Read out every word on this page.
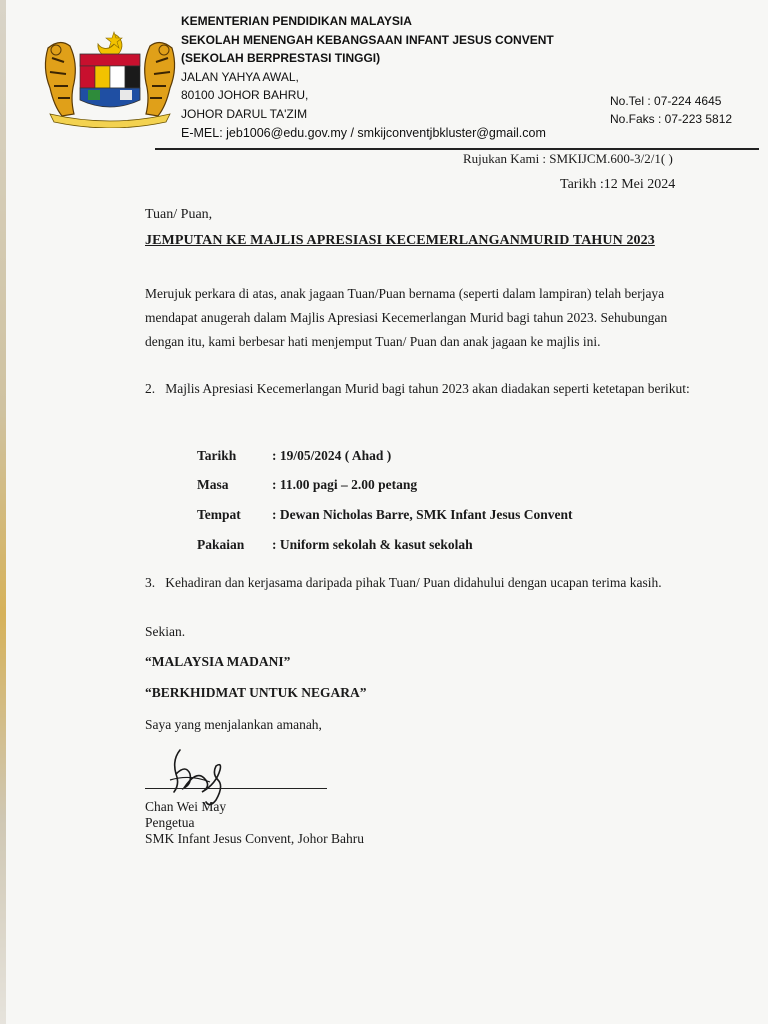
KEMENTERIAN PENDIDIKAN MALAYSIA
SEKOLAH MENENGAH KEBANGSAAN INFANT JESUS CONVENT
(SEKOLAH BERPRESTASI TINGGI)
JALAN YAHYA AWAL,
80100 JOHOR BAHRU,
JOHOR DARUL TA'ZIM
E-MEL: jeb1006@edu.gov.my / smkijconventjbkluster@gmail.com
No.Tel : 07-224 4645
No.Faks : 07-223 5812
Rujukan Kami : SMKIJCM.600-3/2/1( )
Tarikh :12 Mei 2024
Tuan/ Puan,
JEMPUTAN KE MAJLIS APRESIASI KECEMERLANGANMURID TAHUN 2023
Merujuk perkara di atas, anak jagaan Tuan/Puan bernama (seperti dalam lampiran) telah berjaya mendapat anugerah dalam Majlis Apresiasi Kecemerlangan Murid bagi tahun 2023. Sehubungan dengan itu, kami berbesar hati menjemput Tuan/ Puan dan anak jagaan ke majlis ini.
2.   Majlis Apresiasi Kecemerlangan Murid bagi tahun 2023 akan diadakan seperti ketetapan berikut:
Tarikh	: 19/05/2024 ( Ahad )
Masa	: 11.00 pagi – 2.00 petang
Tempat	: Dewan Nicholas Barre, SMK Infant Jesus Convent
Pakaian	: Uniform sekolah & kasut sekolah
3.   Kehadiran dan kerjasama daripada pihak Tuan/ Puan didahului dengan ucapan terima kasih.
Sekian.
“MALAYSIA MADANI”
“BERKHIDMAT UNTUK NEGARA”
Saya yang menjalankan amanah,
Chan Wei May
Pengetua
SMK Infant Jesus Convent, Johor Bahru
